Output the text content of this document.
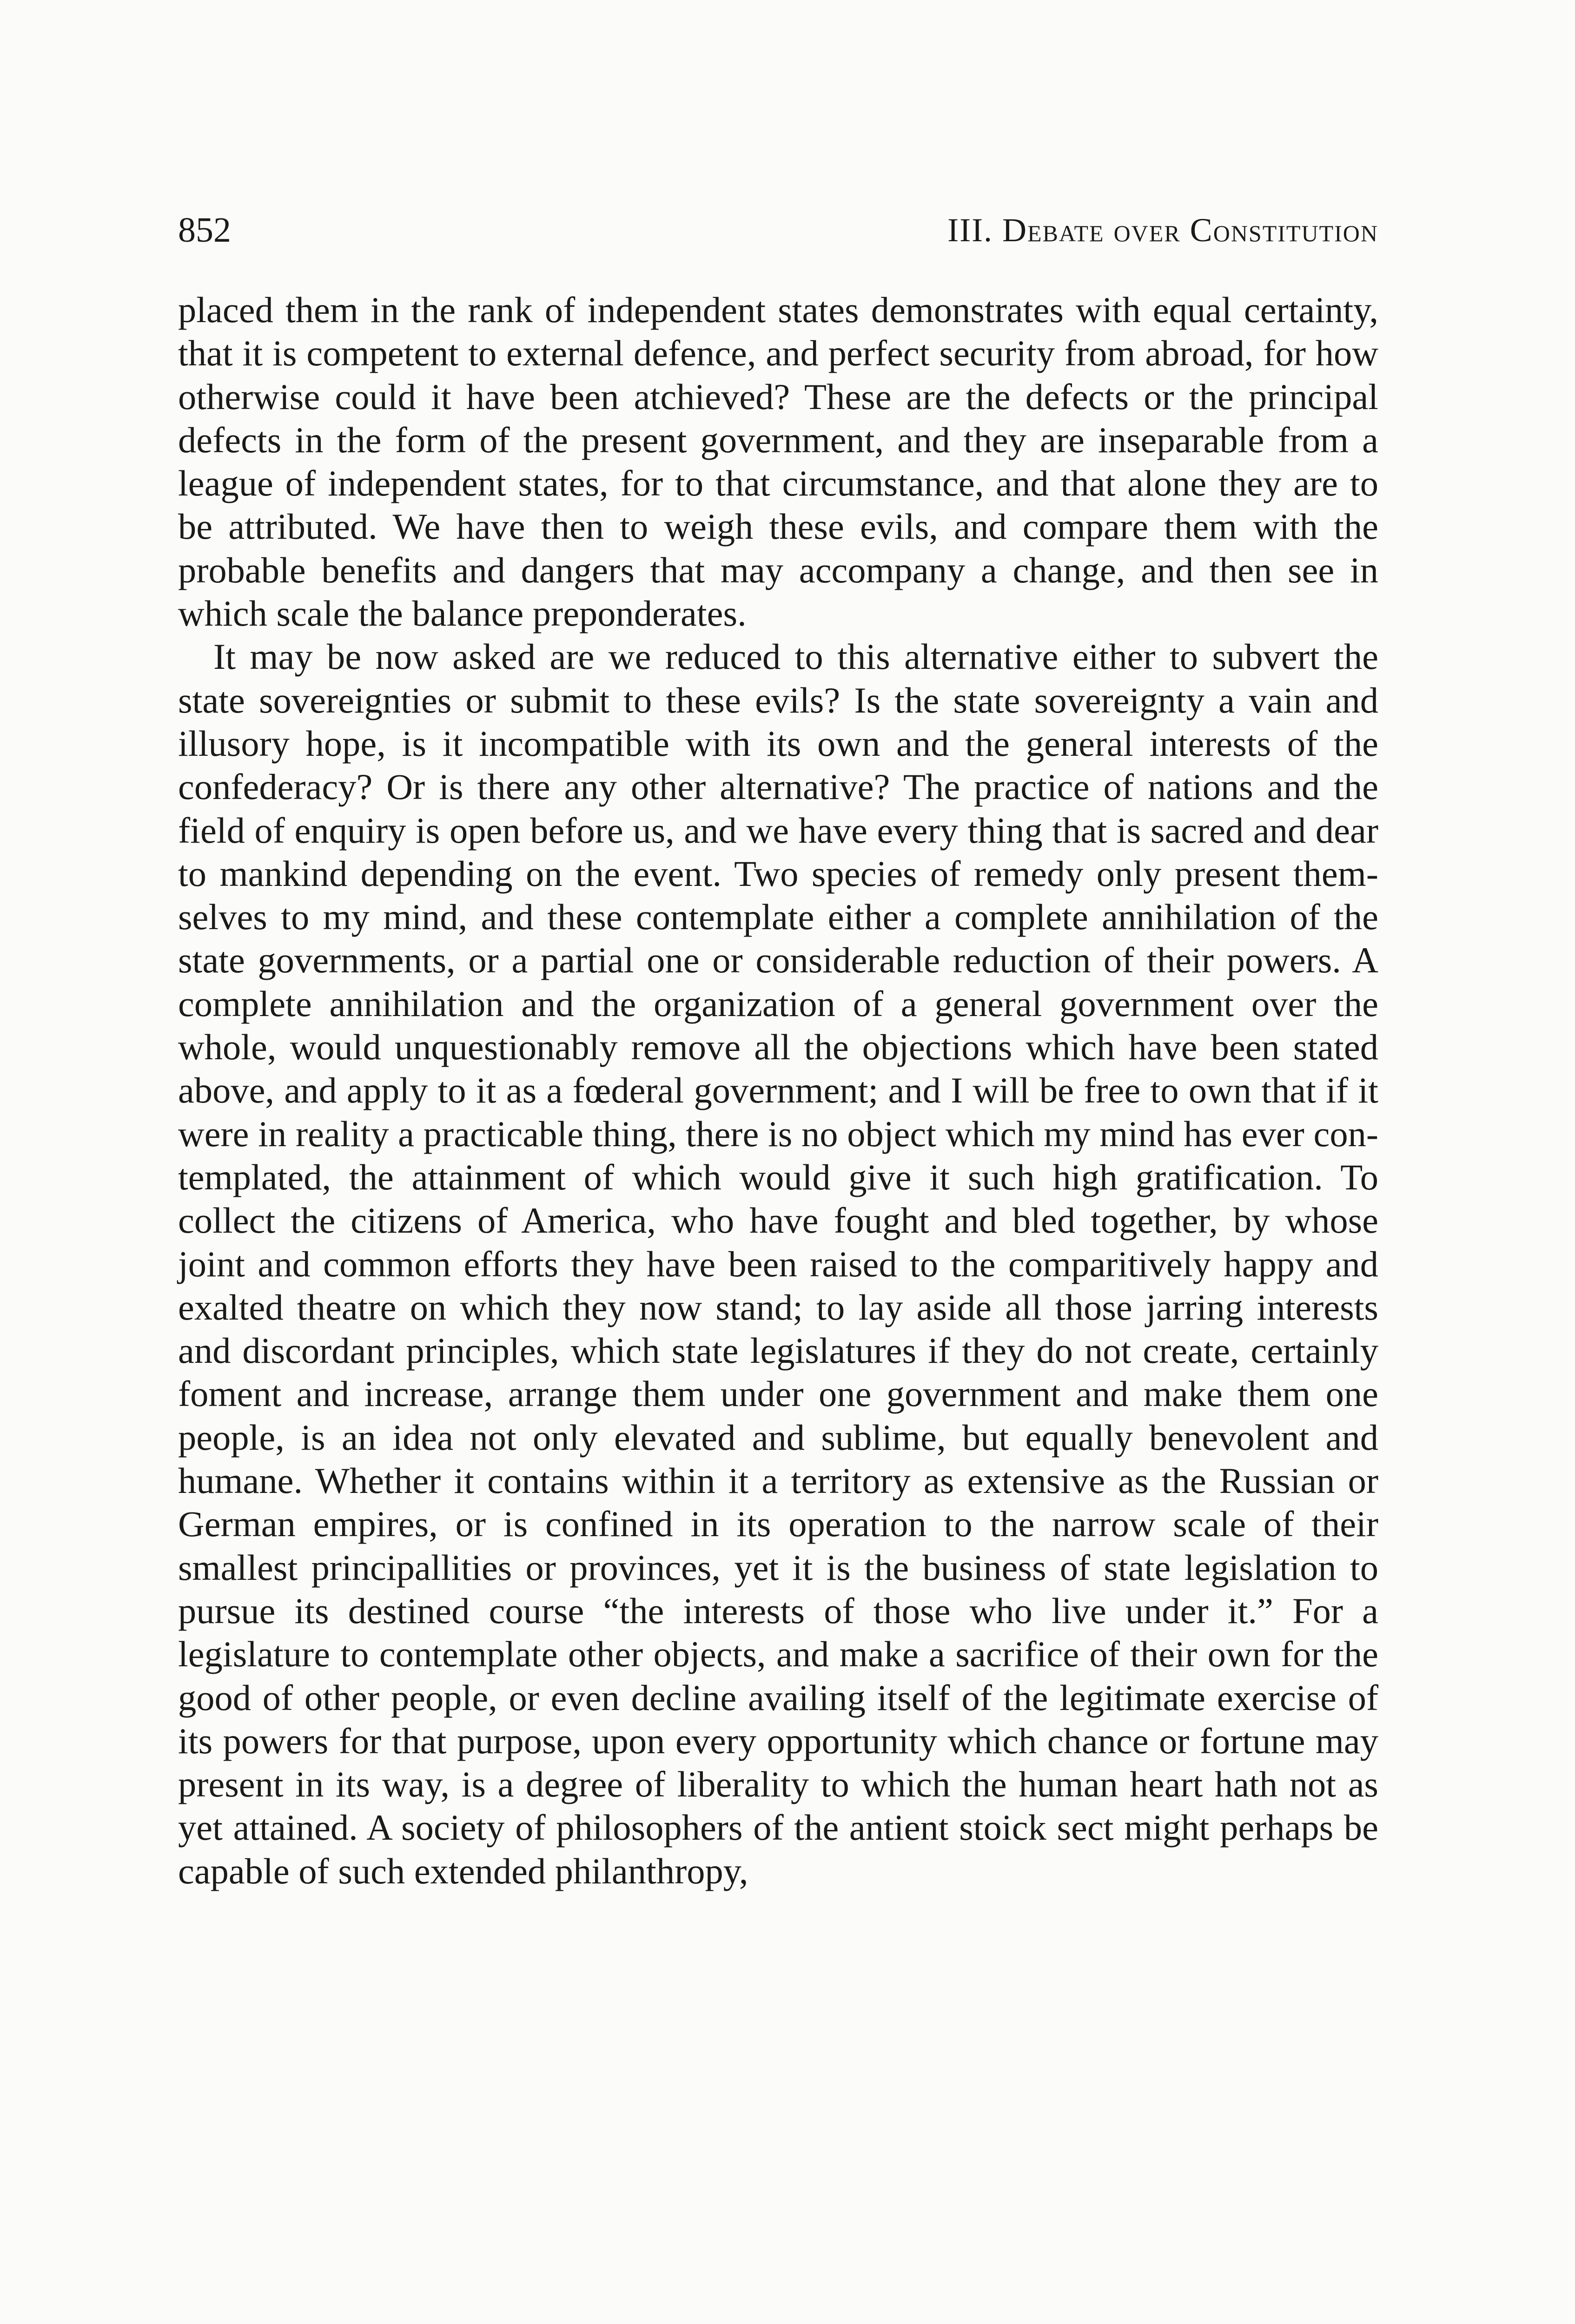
852	III. Debate over Constitution

placed them in the rank of independent states demonstrates with equal certainty, that it is competent to external defence, and perfect security from abroad, for how otherwise could it have been atchieved? These are the defects or the principal defects in the form of the present government, and they are inseparable from a league of independent states, for to that circumstance, and that alone they are to be attributed. We have then to weigh these evils, and compare them with the probable benefits and dangers that may accompany a change, and then see in which scale the balance preponderates.

It may be now asked are we reduced to this alternative either to subvert the state sovereignties or submit to these evils? Is the state sovereignty a vain and illusory hope, is it incompatible with its own and the general interests of the confederacy? Or is there any other alternative? The practice of nations and the field of enquiry is open before us, and we have every thing that is sacred and dear to mankind depending on the event. Two species of remedy only present themselves to my mind, and these contemplate either a complete annihilation of the state governments, or a partial one or considerable reduction of their powers. A complete annihilation and the organization of a general government over the whole, would unquestionably remove all the objections which have been stated above, and apply to it as a fœderal government; and I will be free to own that if it were in reality a practicable thing, there is no object which my mind has ever contemplated, the attainment of which would give it such high gratification. To collect the citizens of America, who have fought and bled together, by whose joint and common efforts they have been raised to the comparitively happy and exalted theatre on which they now stand; to lay aside all those jarring interests and discordant principles, which state legislatures if they do not create, certainly foment and increase, arrange them under one government and make them one people, is an idea not only elevated and sublime, but equally benevolent and humane. Whether it contains within it a territory as extensive as the Russian or German empires, or is confined in its operation to the narrow scale of their smallest principallities or provinces, yet it is the business of state legislation to pursue its destined course “the interests of those who live under it.” For a legislature to contemplate other objects, and make a sacrifice of their own for the good of other people, or even decline availing itself of the legitimate exercise of its powers for that purpose, upon every opportunity which chance or fortune may present in its way, is a degree of liberality to which the human heart hath not as yet attained. A society of philosophers of the antient stoick sect might perhaps be capable of such extended philanthropy,
